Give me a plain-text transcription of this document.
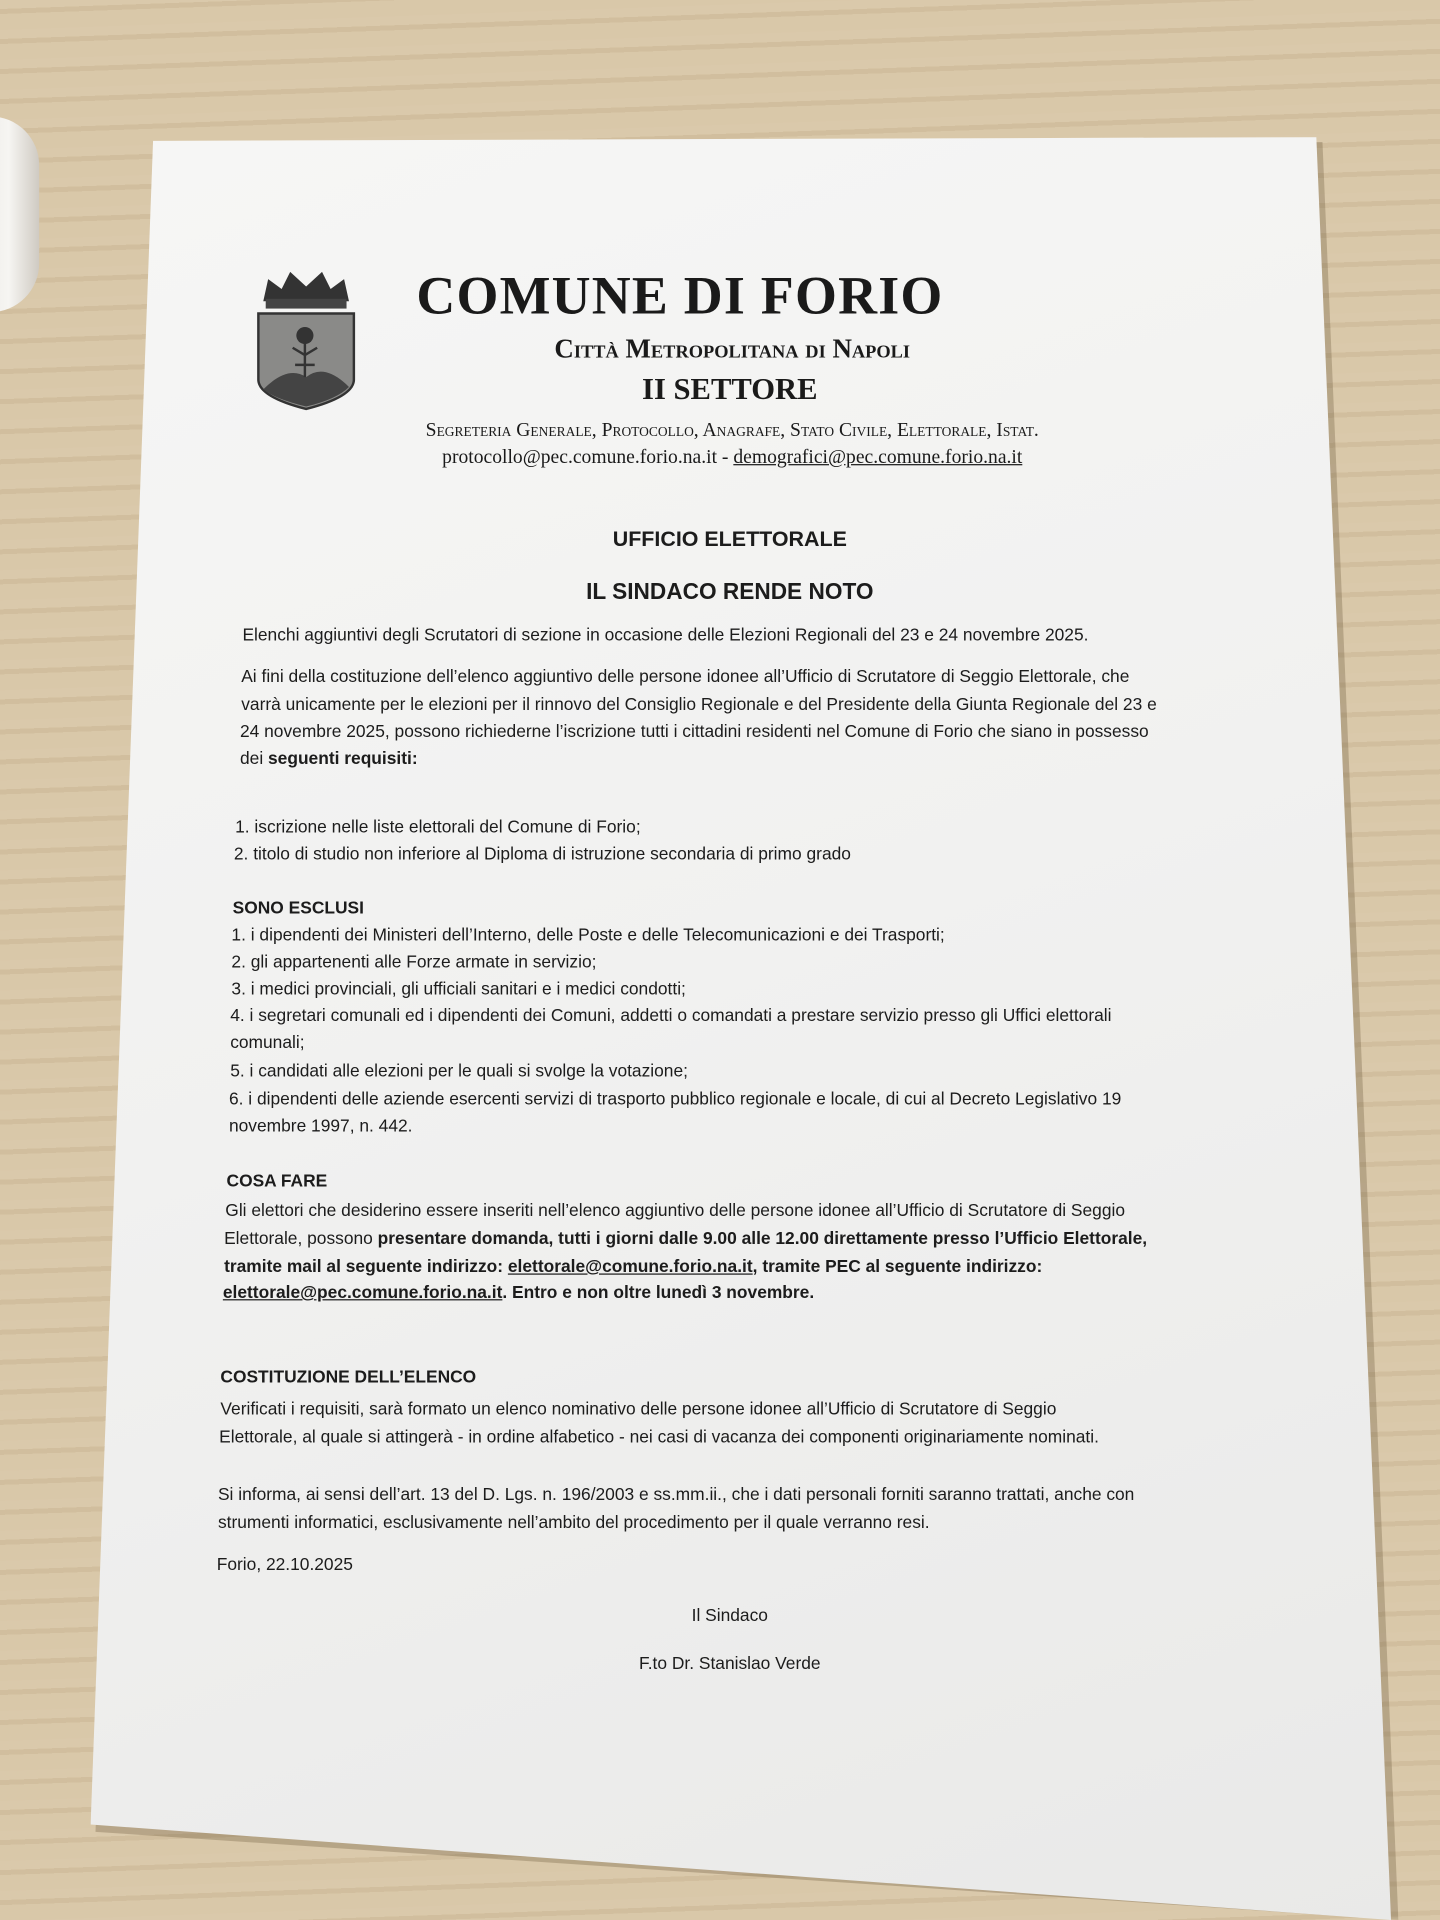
COMUNE DI FORIO
Città Metropolitana di Napoli
II SETTORE
Segreteria Generale, Protocollo, Anagrafe, Stato Civile, Elettorale, Istat.
protocollo@pec.comune.forio.na.it - demografici@pec.comune.forio.na.it
UFFICIO ELETTORALE
IL SINDACO RENDE NOTO
Elenchi aggiuntivi degli Scrutatori di sezione in occasione delle Elezioni Regionali del 23 e 24 novembre 2025.
Ai fini della costituzione dell’elenco aggiuntivo delle persone idonee all’Ufficio di Scrutatore di Seggio Elettorale, che
varrà unicamente per le elezioni per il rinnovo del Consiglio Regionale e del Presidente della Giunta Regionale del 23 e
24 novembre 2025, possono richiederne l’iscrizione tutti i cittadini residenti nel Comune di Forio che siano in possesso
dei seguenti requisiti:
1. iscrizione nelle liste elettorali del Comune di Forio;
2. titolo di studio non inferiore al Diploma di istruzione secondaria di primo grado
SONO ESCLUSI
1. i dipendenti dei Ministeri dell’Interno, delle Poste e delle Telecomunicazioni e dei Trasporti;
2. gli appartenenti alle Forze armate in servizio;
3. i medici provinciali, gli ufficiali sanitari e i medici condotti;
4. i segretari comunali ed i dipendenti dei Comuni, addetti o comandati a prestare servizio presso gli Uffici elettorali
comunali;
5. i candidati alle elezioni per le quali si svolge la votazione;
6. i dipendenti delle aziende esercenti servizi di trasporto pubblico regionale e locale, di cui al Decreto Legislativo 19
novembre 1997, n. 442.
COSA FARE
Gli elettori che desiderino essere inseriti nell’elenco aggiuntivo delle persone idonee all’Ufficio di Scrutatore di Seggio
Elettorale, possono presentare domanda, tutti i giorni dalle 9.00 alle 12.00 direttamente presso l’Ufficio Elettorale,
tramite mail al seguente indirizzo: elettorale@comune.forio.na.it, tramite PEC al seguente indirizzo:
elettorale@pec.comune.forio.na.it. Entro e non oltre lunedì 3 novembre.
COSTITUZIONE DELL’ELENCO
Verificati i requisiti, sarà formato un elenco nominativo delle persone idonee all’Ufficio di Scrutatore di Seggio
Elettorale, al quale si attingerà - in ordine alfabetico - nei casi di vacanza dei componenti originariamente nominati.
Si informa, ai sensi dell’art. 13 del D. Lgs. n. 196/2003 e ss.mm.ii., che i dati personali forniti saranno trattati, anche con
strumenti informatici, esclusivamente nell’ambito del procedimento per il quale verranno resi.
Forio, 22.10.2025
Il Sindaco
F.to Dr. Stanislao Verde
